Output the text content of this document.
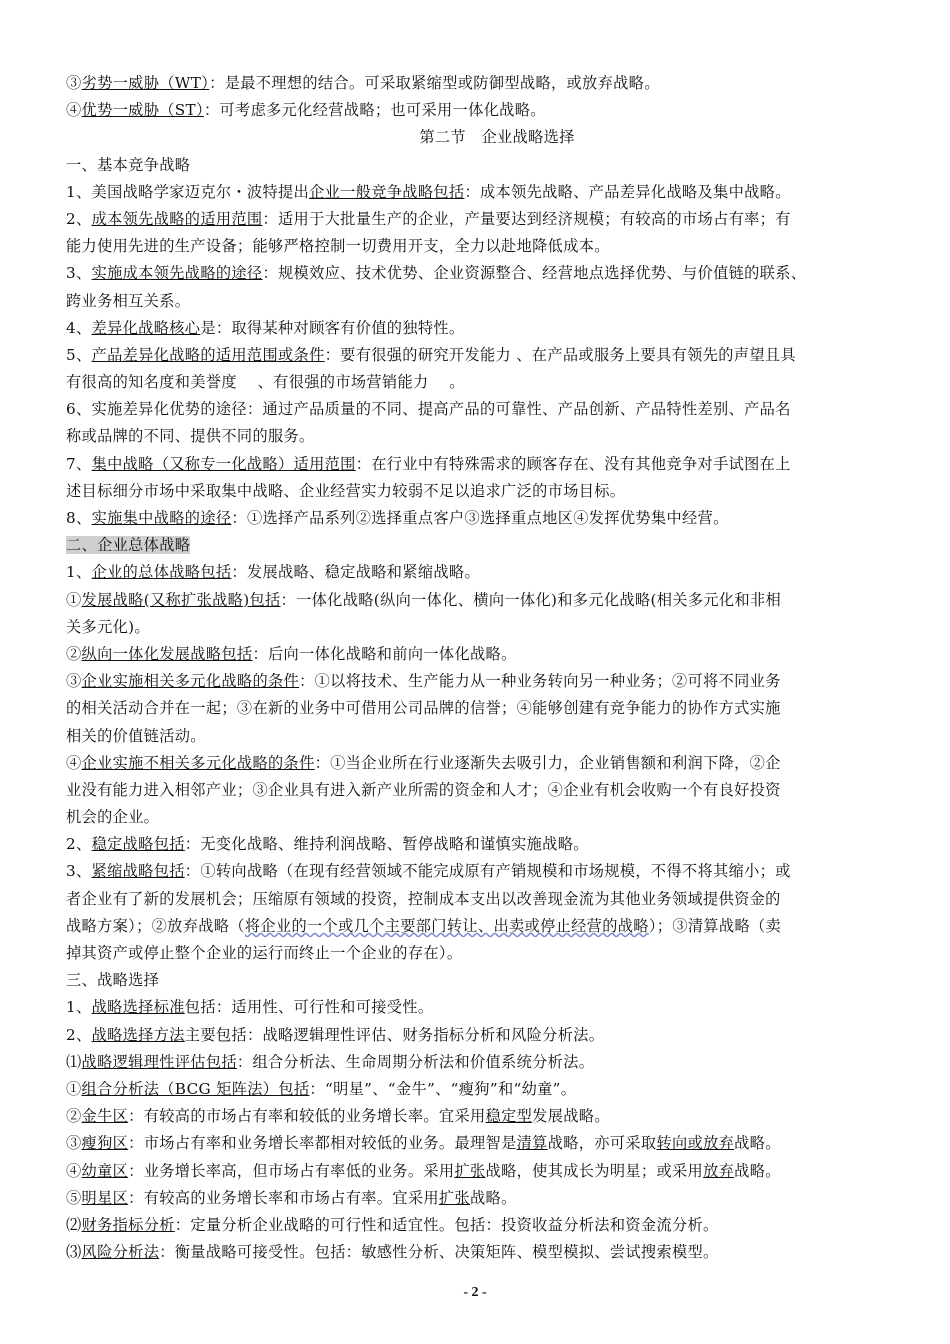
③劣势一威胁（WT）：是最不理想的结合。可采取紧缩型或防御型战略，或放弃战略。
④优势一威胁（ST）：可考虑多元化经营战略；也可采用一体化战略。
第二节　企业战略选择
一、基本竞争战略
1、美国战略学家迈克尔・波特提出企业一般竞争战略包括：成本领先战略、产品差异化战略及集中战略。
2、成本领先战略的适用范围：适用于大批量生产的企业，产量要达到经济规模；有较高的市场占有率；有
能力使用先进的生产设备；能够严格控制一切费用开支，全力以赴地降低成本。
3、实施成本领先战略的途径：规模效应、技术优势、企业资源整合、经营地点选择优势、与价值链的联系、
跨业务相互关系。
4、差异化战略核心是：取得某种对顾客有价值的独特性。
5、产品差异化战略的适用范围或条件：要有很强的研究开发能力 、在产品或服务上要具有领先的声望且具
有很高的知名度和美誉度 　、有很强的市场营销能力 　。
6、实施差异化优势的途径：通过产品质量的不同、提高产品的可靠性、产品创新、产品特性差别、产品名
称或品牌的不同、提供不同的服务。
7、集中战略（又称专一化战略）适用范围：在行业中有特殊需求的顾客存在、没有其他竞争对手试图在上
述目标细分市场中采取集中战略、企业经营实力较弱不足以追求广泛的市场目标。
8、实施集中战略的途径：①选择产品系列②选择重点客户③选择重点地区④发挥优势集中经营。
二、企业总体战略
1、企业的总体战略包括：发展战略、稳定战略和紧缩战略。
①发展战略(又称扩张战略)包括：一体化战略(纵向一体化、横向一体化)和多元化战略(相关多元化和非相
关多元化)。
②纵向一体化发展战略包括：后向一体化战略和前向一体化战略。
③企业实施相关多元化战略的条件：①以将技术、生产能力从一种业务转向另一种业务；②可将不同业务
的相关活动合并在一起；③在新的业务中可借用公司品牌的信誉；④能够创建有竞争能力的协作方式实施
相关的价值链活动。
④企业实施不相关多元化战略的条件：①当企业所在行业逐渐失去吸引力，企业销售额和利润下降，②企
业没有能力进入相邻产业；③企业具有进入新产业所需的资金和人才；④企业有机会收购一个有良好投资
机会的企业。
2、稳定战略包括：无变化战略、维持利润战略、暂停战略和谨慎实施战略。
3、紧缩战略包括：①转向战略（在现有经营领域不能完成原有产销规模和市场规模，不得不将其缩小；或
者企业有了新的发展机会；压缩原有领域的投资，控制成本支出以改善现金流为其他业务领域提供资金的
战略方案）；②放弃战略（将企业的一个或几个主要部门转让、出卖或停止经营的战略）；③清算战略（卖
掉其资产或停止整个企业的运行而终止一个企业的存在）。
三、战略选择
1、战略选择标准包括：适用性、可行性和可接受性。
2、战略选择方法主要包括：战略逻辑理性评估、财务指标分析和风险分析法。
⑴战略逻辑理性评估包括：组合分析法、生命周期分析法和价值系统分析法。
①组合分析法（BCG 矩阵法）包括：“明星”、“金牛”、“瘦狗”和“幼童”。
②金牛区：有较高的市场占有率和较低的业务增长率。宜采用稳定型发展战略。
③瘦狗区：市场占有率和业务增长率都相对较低的业务。最理智是清算战略，亦可采取转向或放弃战略。
④幼童区：业务增长率高，但市场占有率低的业务。采用扩张战略，使其成长为明星；或采用放弃战略。
⑤明星区：有较高的业务增长率和市场占有率。宜采用扩张战略。
⑵财务指标分析：定量分析企业战略的可行性和适宜性。包括：投资收益分析法和资金流分析。
⑶风险分析法：衡量战略可接受性。包括：敏感性分析、决策矩阵、模型模拟、尝试搜索模型。
- 2 -
